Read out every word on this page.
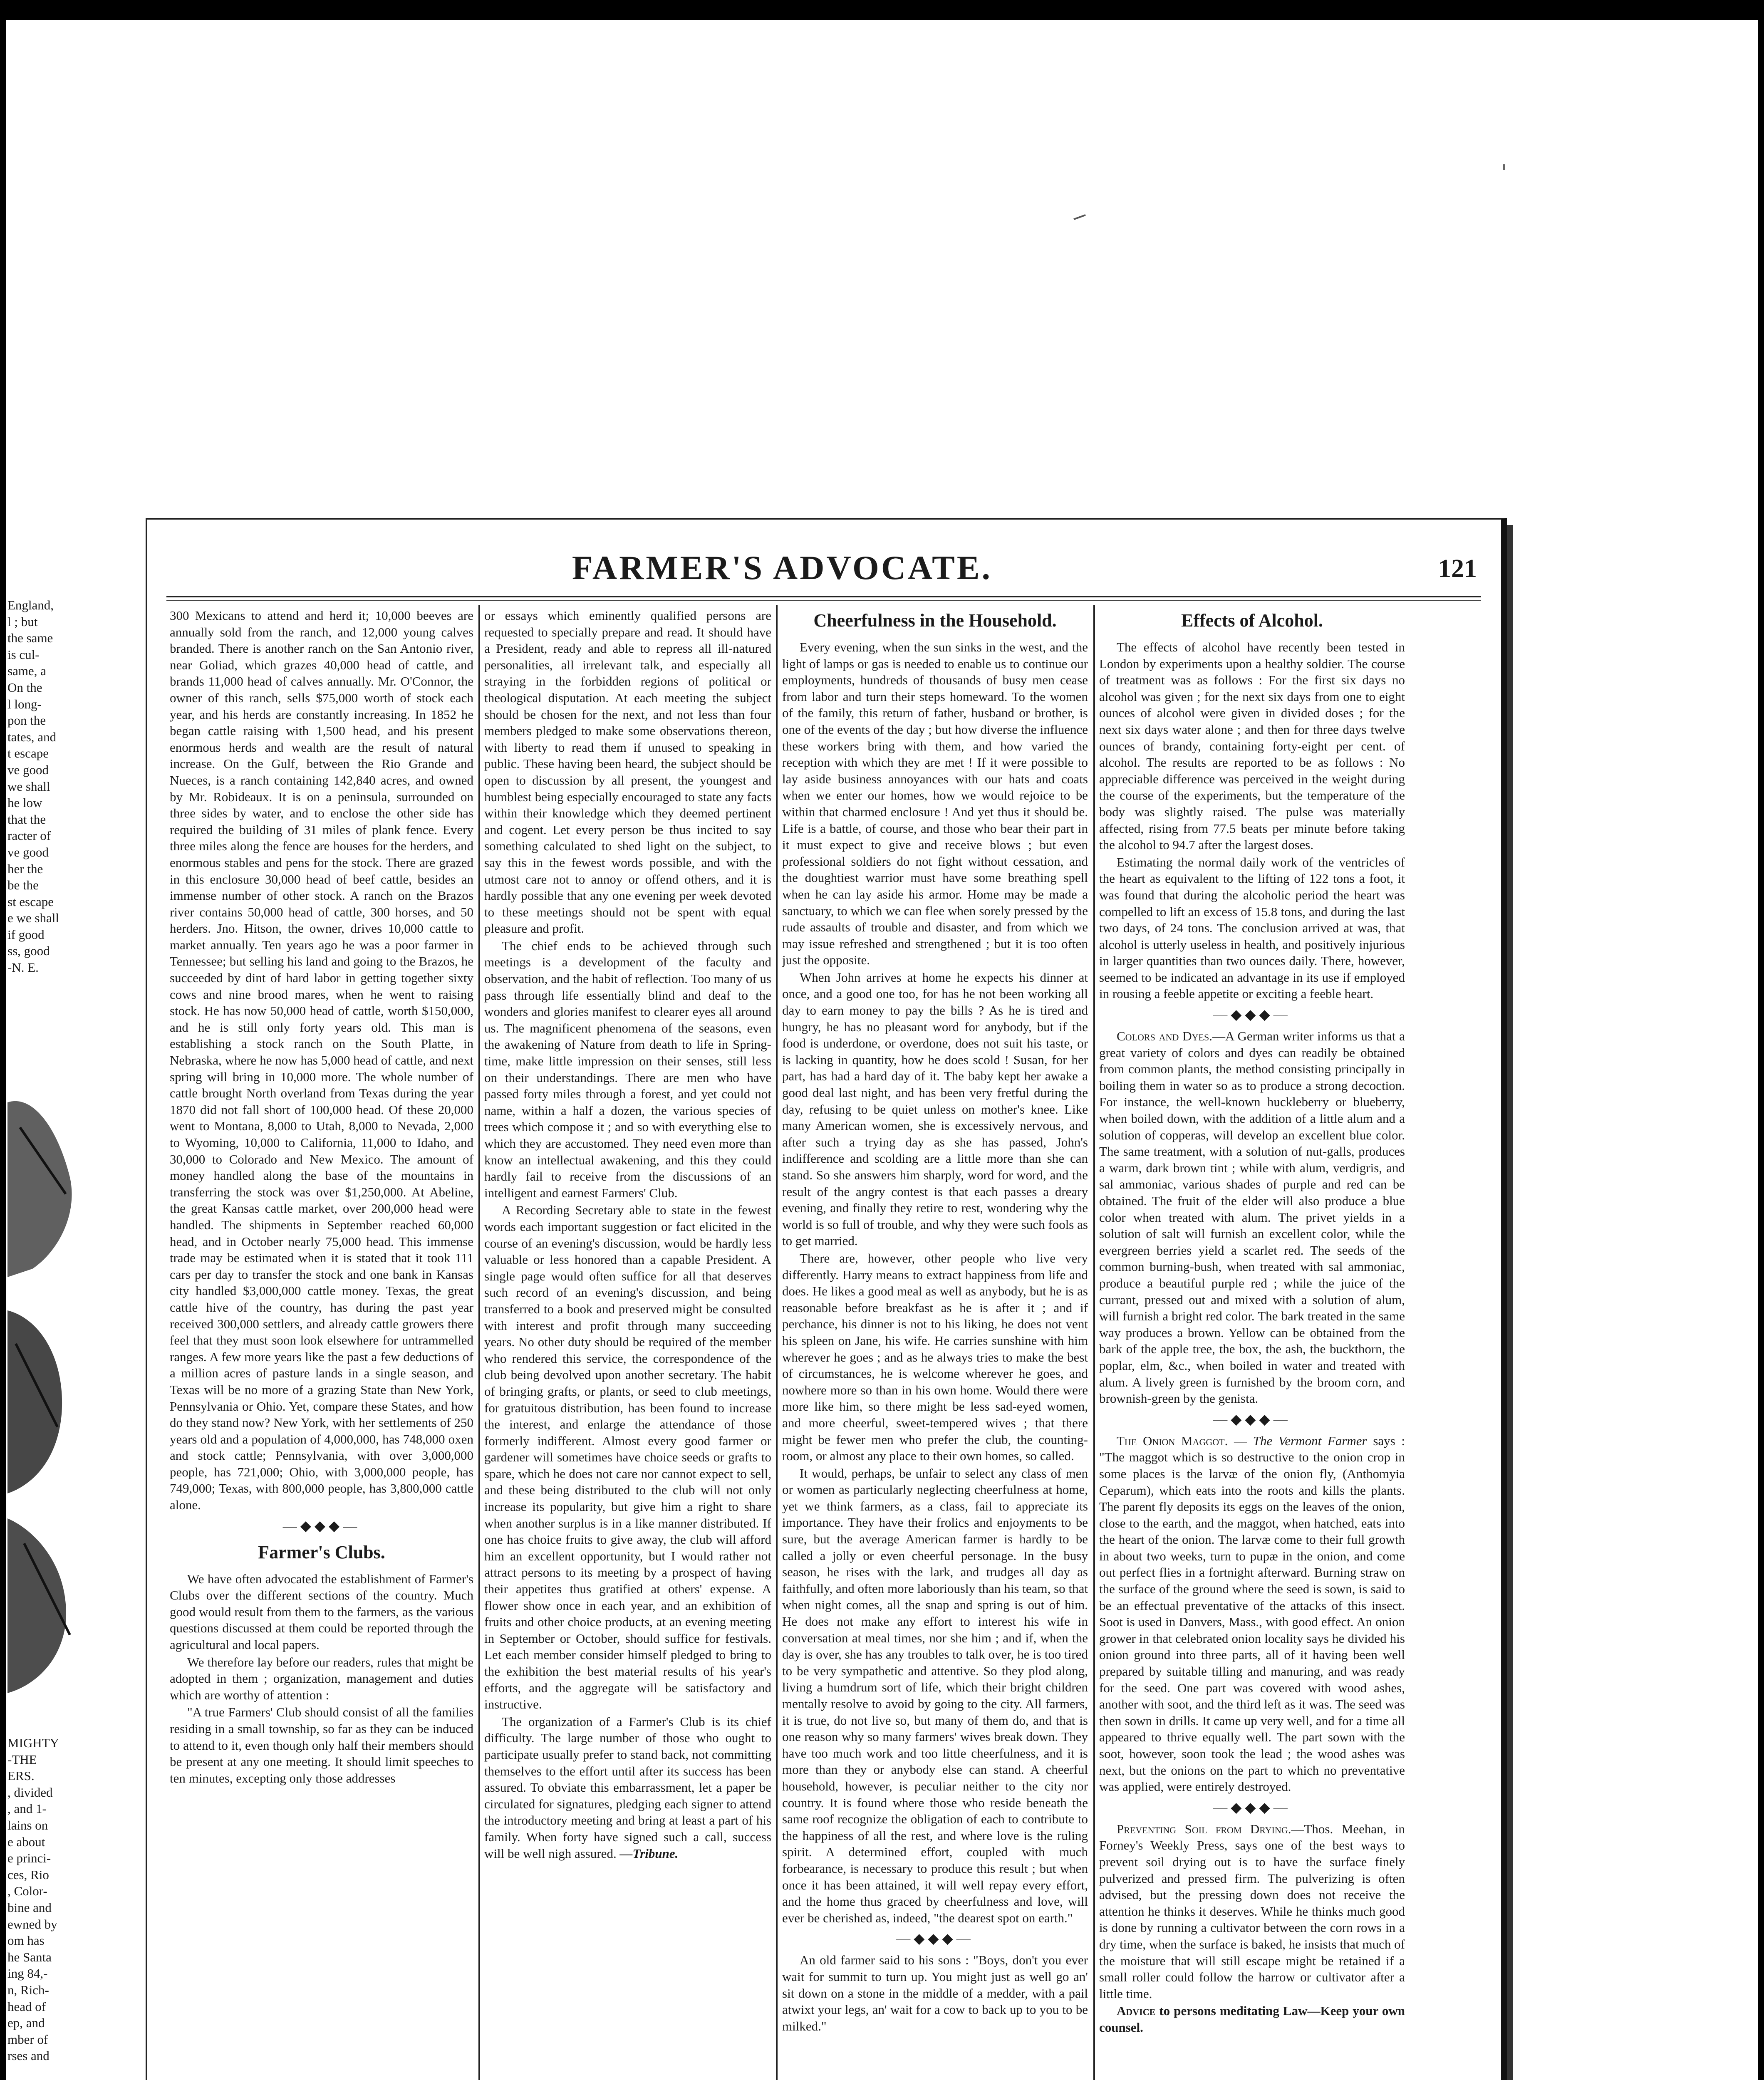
England,
l ; but
the same
is cul-
same, a
On the
l long-
pon the
tates, and
t escape
ve good
we shall
he low
that the
racter of
ve good
her the
be the
st escape
e we shall
if good
ss, good
-N. E.
MIGHTY
-THE
ERS.
, divided
, and 1-
lains on
e about
e princi-
ces, Rio
, Color-
bine and
ewned by
om has
he Santa
ing 84,-
n, Rich-
head of
ep, and
mber of
rses and
FARMER'S ADVOCATE.	121

300 Mexicans to attend and herd it; 10,000 beeves are annually sold from the ranch, and 12,000 young calves branded. There is another ranch on the San Antonio river, near Goliad, which grazes 40,000 head of cattle, and brands 11,000 head of calves annually. Mr. O'Connor, the owner of this ranch, sells $75,000 worth of stock each year, and his herds are constantly increasing. In 1852 he began cattle raising with 1,500 head, and his present enormous herds and wealth are the result of natural increase. On the Gulf, between the Rio Grande and Nueces, is a ranch containing 142,840 acres, and owned by Mr. Robideaux. It is on a peninsula, surrounded on three sides by water, and to enclose the other side has required the building of 31 miles of plank fence. Every three miles along the fence are houses for the herders, and enormous stables and pens for the stock. There are grazed in this enclosure 30,000 head of beef cattle, besides an immense number of other stock. A ranch on the Brazos river contains 50,000 head of cattle, 300 horses, and 50 herders. Jno. Hitson, the owner, drives 10,000 cattle to market annually. Ten years ago he was a poor farmer in Tennessee; but selling his land and going to the Brazos, he succeeded by dint of hard labor in getting together sixty cows and nine brood mares, when he went to raising stock. He has now 50,000 head of cattle, worth $150,000, and he is still only forty years old. This man is establishing a stock ranch on the South Platte, in Nebraska, where he now has 5,000 head of cattle, and next spring will bring in 10,000 more. The whole number of cattle brought North overland from Texas during the year 1870 did not fall short of 100,000 head. Of these 20,000 went to Montana, 8,000 to Utah, 8,000 to Nevada, 2,000 to Wyoming, 10,000 to California, 11,000 to Idaho, and 30,000 to Colorado and New Mexico. The amount of money handled along the base of the mountains in transferring the stock was over $1,250,000. At Abeline, the great Kansas cattle market, over 200,000 head were handled. The shipments in September reached 60,000 head, and in October nearly 75,000 head. This immense trade may be estimated when it is stated that it took 111 cars per day to transfer the stock and one bank in Kansas city handled $3,000,000 cattle money. Texas, the great cattle hive of the country, has during the past year received 300,000 settlers, and already cattle growers there feel that they must soon look elsewhere for untrammelled ranges. A few more years like the past a few deductions of a million acres of pasture lands in a single season, and Texas will be no more of a grazing State than New York, Pennsylvania or Ohio. Yet, compare these States, and how do they stand now? New York, with her settlements of 250 years old and a population of 4,000,000, has 748,000 oxen and stock cattle; Pennsylvania, with over 3,000,000 people, has 721,000; Ohio, with 3,000,000 people, has 749,000; Texas, with 800,000 people, has 3,800,000 cattle alone.

—◆◆◆—

Farmer's Clubs.

We have often advocated the establishment of Farmer's Clubs over the different sections of the country. Much good would result from them to the farmers, as the various questions discussed at them could be reported through the agricultural and local papers.

We therefore lay before our readers, rules that might be adopted in them ; organization, management and duties which are worthy of attention :

"A true Farmers' Club should consist of all the families residing in a small township, so far as they can be induced to attend to it, even though only half their members should be present at any one meeting. It should limit speeches to ten minutes, excepting only those addresses

or essays which eminently qualified persons are requested to specially prepare and read. It should have a President, ready and able to repress all ill-natured personalities, all irrelevant talk, and especially all straying in the forbidden regions of political or theological disputation. At each meeting the subject should be chosen for the next, and not less than four members pledged to make some observations thereon, with liberty to read them if unused to speaking in public. These having been heard, the subject should be open to discussion by all present, the youngest and humblest being especially encouraged to state any facts within their knowledge which they deemed pertinent and cogent. Let every person be thus incited to say something calculated to shed light on the subject, to say this in the fewest words possible, and with the utmost care not to annoy or offend others, and it is hardly possible that any one evening per week devoted to these meetings should not be spent with equal pleasure and profit.

The chief ends to be achieved through such meetings is a development of the faculty and observation, and the habit of reflection. Too many of us pass through life essentially blind and deaf to the wonders and glories manifest to clearer eyes all around us. The magnificent phenomena of the seasons, even the awakening of Nature from death to life in Spring-time, make little impression on their senses, still less on their understandings. There are men who have passed forty miles through a forest, and yet could not name, within a half a dozen, the various species of trees which compose it ; and so with everything else to which they are accustomed. They need even more than know an intellectual awakening, and this they could hardly fail to receive from the discussions of an intelligent and earnest Farmers' Club.

A Recording Secretary able to state in the fewest words each important suggestion or fact elicited in the course of an evening's discussion, would be hardly less valuable or less honored than a capable President. A single page would often suffice for all that deserves such record of an evening's discussion, and being transferred to a book and preserved might be consulted with interest and profit through many succeeding years. No other duty should be required of the member who rendered this service, the correspondence of the club being devolved upon another secretary. The habit of bringing grafts, or plants, or seed to club meetings, for gratuitous distribution, has been found to increase the interest, and enlarge the attendance of those formerly indifferent. Almost every good farmer or gardener will sometimes have choice seeds or grafts to spare, which he does not care nor cannot expect to sell, and these being distributed to the club will not only increase its popularity, but give him a right to share when another surplus is in a like manner distributed. If one has choice fruits to give away, the club will afford him an excellent opportunity, but I would rather not attract persons to its meeting by a prospect of having their appetites thus gratified at others' expense. A flower show once in each year, and an exhibition of fruits and other choice products, at an evening meeting in September or October, should suffice for festivals. Let each member consider himself pledged to bring to the exhibition the best material results of his year's efforts, and the aggregate will be satisfactory and instructive.

The organization of a Farmer's Club is its chief difficulty. The large number of those who ought to participate usually prefer to stand back, not committing themselves to the effort until after its success has been assured. To obviate this embarrassment, let a paper be circulated for signatures, pledging each signer to attend the introductory meeting and bring at least a part of his family. When forty have signed such a call, success will be well nigh assured. —Tribune.

Cheerfulness in the Household.

Every evening, when the sun sinks in the west, and the light of lamps or gas is needed to enable us to continue our employments, hundreds of thousands of busy men cease from labor and turn their steps homeward. To the women of the family, this return of father, husband or brother, is one of the events of the day ; but how diverse the influence these workers bring with them, and how varied the reception with which they are met ! If it were possible to lay aside business annoyances with our hats and coats when we enter our homes, how we would rejoice to be within that charmed enclosure ! And yet thus it should be. Life is a battle, of course, and those who bear their part in it must expect to give and receive blows ; but even professional soldiers do not fight without cessation, and the doughtiest warrior must have some breathing spell when he can lay aside his armor. Home may be made a sanctuary, to which we can flee when sorely pressed by the rude assaults of trouble and disaster, and from which we may issue refreshed and strengthened ; but it is too often just the opposite.

When John arrives at home he expects his dinner at once, and a good one too, for has he not been working all day to earn money to pay the bills ? As he is tired and hungry, he has no pleasant word for anybody, but if the food is underdone, or overdone, does not suit his taste, or is lacking in quantity, how he does scold ! Susan, for her part, has had a hard day of it. The baby kept her awake a good deal last night, and has been very fretful during the day, refusing to be quiet unless on mother's knee. Like many American women, she is excessively nervous, and after such a trying day as she has passed, John's indifference and scolding are a little more than she can stand. So she answers him sharply, word for word, and the result of the angry contest is that each passes a dreary evening, and finally they retire to rest, wondering why the world is so full of trouble, and why they were such fools as to get married.

There are, however, other people who live very differently. Harry means to extract happiness from life and does. He likes a good meal as well as anybody, but he is as reasonable before breakfast as he is after it ; and if perchance, his dinner is not to his liking, he does not vent his spleen on Jane, his wife. He carries sunshine with him wherever he goes ; and as he always tries to make the best of circumstances, he is welcome wherever he goes, and nowhere more so than in his own home. Would there were more like him, so there might be less sad-eyed women, and more cheerful, sweet-tempered wives ; that there might be fewer men who prefer the club, the counting-room, or almost any place to their own homes, so called.

It would, perhaps, be unfair to select any class of men or women as particularly neglecting cheerfulness at home, yet we think farmers, as a class, fail to appreciate its importance. They have their frolics and enjoyments to be sure, but the average American farmer is hardly to be called a jolly or even cheerful personage. In the busy season, he rises with the lark, and trudges all day as faithfully, and often more laboriously than his team, so that when night comes, all the snap and spring is out of him. He does not make any effort to interest his wife in conversation at meal times, nor she him ; and if, when the day is over, she has any troubles to talk over, he is too tired to be very sympathetic and attentive. So they plod along, living a humdrum sort of life, which their bright children mentally resolve to avoid by going to the city. All farmers, it is true, do not live so, but many of them do, and that is one reason why so many farmers' wives break down. They have too much work and too little cheerfulness, and it is more than they or anybody else can stand. A cheerful household, however, is peculiar neither to the city nor country. It is found where those who reside beneath the same roof recognize the obligation of each to contribute to the happiness of all the rest, and where love is the ruling spirit. A determined effort, coupled with much forbearance, is necessary to produce this result ; but when once it has been attained, it will well repay every effort, and the home thus graced by cheerfulness and love, will ever be cherished as, indeed, "the dearest spot on earth."

—◆◆◆—

An old farmer said to his sons : "Boys, don't you ever wait for summit to turn up. You might just as well go an' sit down on a stone in the middle of a medder, with a pail atwixt your legs, an' wait for a cow to back up to you to be milked."

Effects of Alcohol.

The effects of alcohol have recently been tested in London by experiments upon a healthy soldier. The course of treatment was as follows : For the first six days no alcohol was given ; for the next six days from one to eight ounces of alcohol were given in divided doses ; for the next six days water alone ; and then for three days twelve ounces of brandy, containing forty-eight per cent. of alcohol. The results are reported to be as follows : No appreciable difference was perceived in the weight during the course of the experiments, but the temperature of the body was slightly raised. The pulse was materially affected, rising from 77.5 beats per minute before taking the alcohol to 94.7 after the largest doses.

Estimating the normal daily work of the ventricles of the heart as equivalent to the lifting of 122 tons a foot, it was found that during the alcoholic period the heart was compelled to lift an excess of 15.8 tons, and during the last two days, of 24 tons. The conclusion arrived at was, that alcohol is utterly useless in health, and positively injurious in larger quantities than two ounces daily. There, however, seemed to be indicated an advantage in its use if employed in rousing a feeble appetite or exciting a feeble heart.

—◆◆◆—

Colors and Dyes.—A German writer informs us that a great variety of colors and dyes can readily be obtained from common plants, the method consisting principally in boiling them in water so as to produce a strong decoction. For instance, the well-known huckleberry or blueberry, when boiled down, with the addition of a little alum and a solution of copperas, will develop an excellent blue color. The same treatment, with a solution of nut-galls, produces a warm, dark brown tint ; while with alum, verdigris, and sal ammoniac, various shades of purple and red can be obtained. The fruit of the elder will also produce a blue color when treated with alum. The privet yields in a solution of salt will furnish an excellent color, while the evergreen berries yield a scarlet red. The seeds of the common burning-bush, when treated with sal ammoniac, produce a beautiful purple red ; while the juice of the currant, pressed out and mixed with a solution of alum, will furnish a bright red color. The bark treated in the same way produces a brown. Yellow can be obtained from the bark of the apple tree, the box, the ash, the buckthorn, the poplar, elm, &c., when boiled in water and treated with alum. A lively green is furnished by the broom corn, and brownish-green by the genista.

—◆◆◆—

The Onion Maggot. — The Vermont Farmer says : "The maggot which is so destructive to the onion crop in some places is the larvæ of the onion fly, (Anthomyia Ceparum), which eats into the roots and kills the plants. The parent fly deposits its eggs on the leaves of the onion, close to the earth, and the maggot, when hatched, eats into the heart of the onion. The larvæ come to their full growth in about two weeks, turn to pupæ in the onion, and come out perfect flies in a fortnight afterward. Burning straw on the surface of the ground where the seed is sown, is said to be an effectual preventative of the attacks of this insect. Soot is used in Danvers, Mass., with good effect. An onion grower in that celebrated onion locality says he divided his onion ground into three parts, all of it having been well prepared by suitable tilling and manuring, and was ready for the seed. One part was covered with wood ashes, another with soot, and the third left as it was. The seed was then sown in drills. It came up very well, and for a time all appeared to thrive equally well. The part sown with the soot, however, soon took the lead ; the wood ashes was next, but the onions on the part to which no preventative was applied, were entirely destroyed.

—◆◆◆—

Preventing Soil from Drying.—Thos. Meehan, in Forney's Weekly Press, says one of the best ways to prevent soil drying out is to have the surface finely pulverized and pressed firm. The pulverizing is often advised, but the pressing down does not receive the attention he thinks it deserves. While he thinks much good is done by running a cultivator between the corn rows in a dry time, when the surface is baked, he insists that much of the moisture that will still escape might be retained if a small roller could follow the harrow or cultivator after a little time.

Advice to persons meditating Law—Keep your own counsel.
